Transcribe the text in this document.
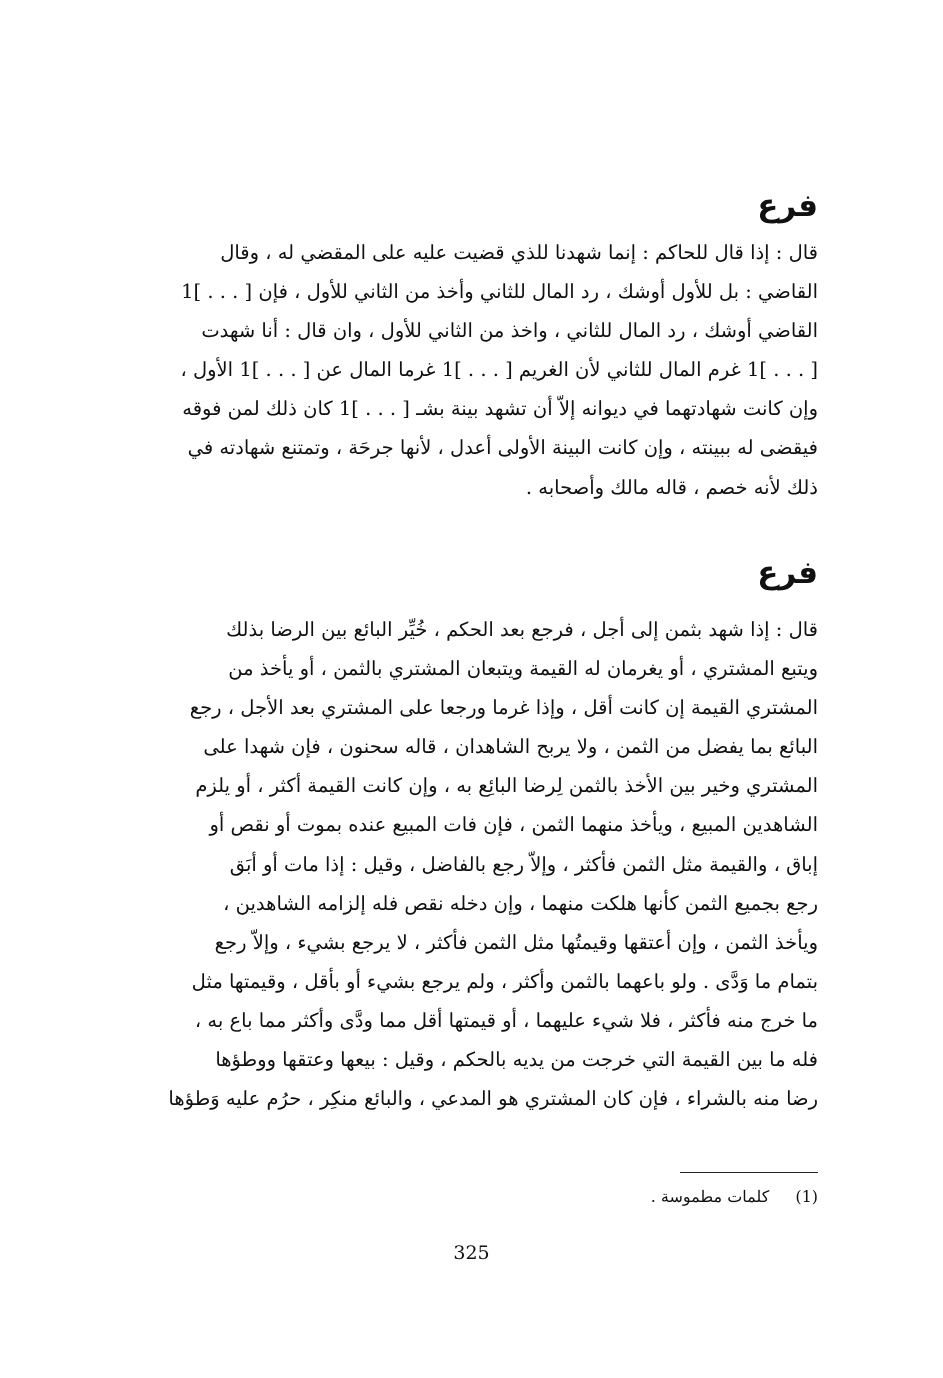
فرع
قال : إذا قال للحاكم : إنما شهدنا للذي قضيت عليه على المقضي له ، وقال
القاضي : بل للأول أوشك ، رد المال للثاني وأخذ من الثاني للأول ، فإن [ . . . ]1
القاضي أوشك ، رد المال للثاني ، واخذ من الثاني للأول ، وان قال : أنا شهدت
[ . . . ]1 غرم المال للثاني لأن الغريم [ . . . ]1 غرما المال عن [ . . . ]1 الأول ،
وإن كانت شهادتهما في ديوانه إلاّ أن تشهد بينة بشـ [ . . . ]1 كان ذلك لمن فوقه
فيقضى له ببينته ، وإن كانت البينة الأولى أعدل ، لأنها جرحَة ، وتمتنع شهادته في
ذلك لأنه خصم ، قاله مالك وأصحابه .
فرع
قال : إذا شهد بثمن إلى أجل ، فرجع بعد الحكم ، خُيِّر البائع بين الرضا بذلك
ويتبع المشتري ، أو يغرمان له القيمة ويتبعان المشتري بالثمن ، أو يأخذ من
المشتري القيمة إن كانت أقل ، وإذا غرما ورجعا على المشتري بعد الأجل ، رجع
البائع بما يفضل من الثمن ، ولا يربح الشاهدان ، قاله سحنون ، فإن شهدا على
المشتري وخير بين الأخذ بالثمن لِرضا البائِع به ، وإن كانت القيمة أكثر ، أو يلزم
الشاهدين المبيع ، ويأخذ منهما الثمن ، فإن فات المبيع عنده بموت أو نقص أو
إباق ، والقيمة مثل الثمن فأكثر ، وإلاّ رجع بالفاضل ، وقيل : إذا مات أو أبَق
رجع بجميع الثمن كأنها هلكت منهما ، وإن دخله نقص فله إلزامه الشاهدين ،
ويأخذ الثمن ، وإن أعتقها وقيمتُها مثل الثمن فأكثر ، لا يرجع بشيء ، وإلاّ رجع
بتمام ما وَدَّى . ولو باعهما بالثمن وأكثر ، ولم يرجع بشيء أو بأقل ، وقيمتها مثل
ما خرج منه فأكثر ، فلا شيء عليهما ، أو قيمتها أقل مما ودَّى وأكثر مما باع به ،
فله ما بين القيمة التي خرجت من يديه بالحكم ، وقيل : بيعها وعتقها ووطؤها
رضا منه بالشراء ، فإن كان المشتري هو المدعي ، والبائع منكِر ، حرُم عليه وَطؤها

(1)كلمات مطموسة .

325
